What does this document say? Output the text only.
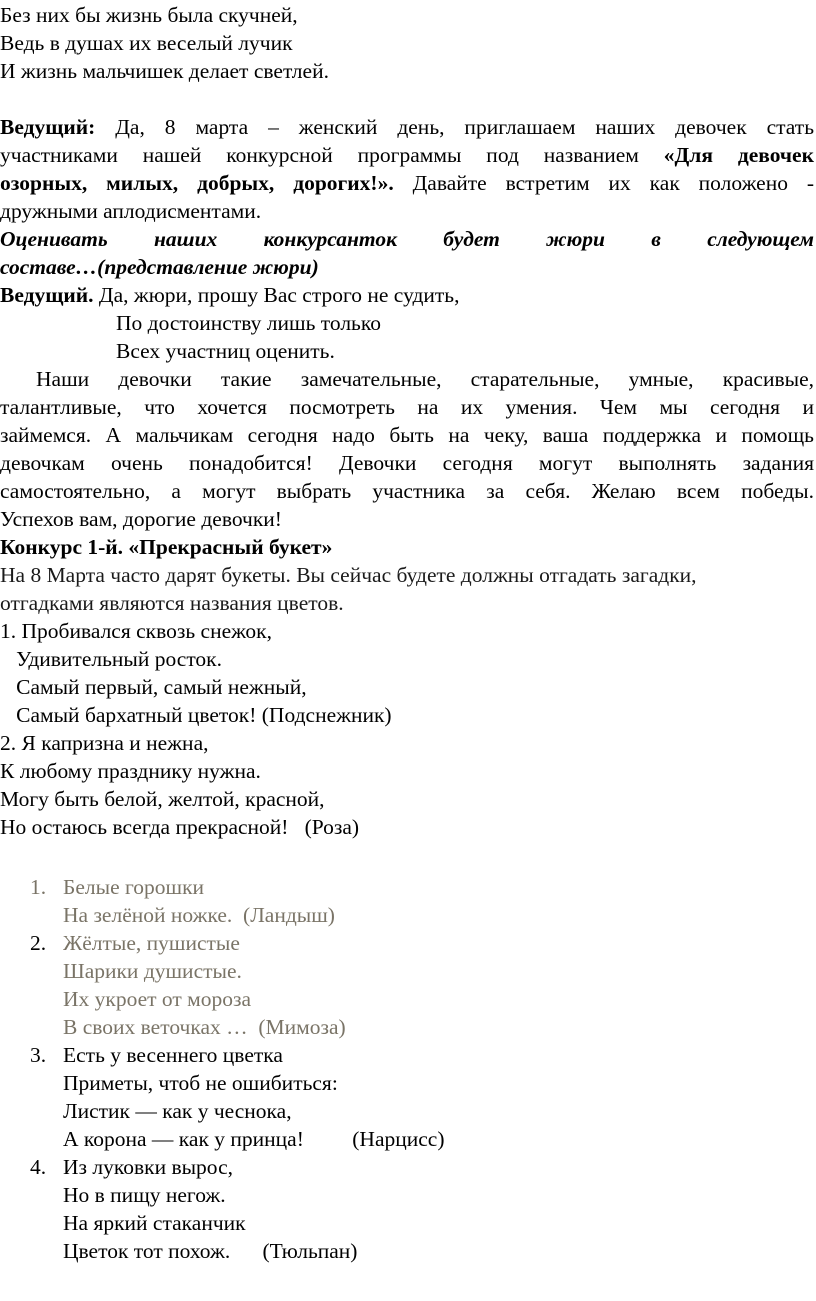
Без них бы жизнь была скучней,
Ведь в душах их веселый лучик
И жизнь мальчишек делает светлей.
Ведущий: Да, 8 марта – женский день, приглашаем наших девочек стать
участниками нашей конкурсной программы под названием «Для девочек
озорных, милых, добрых, дорогих!». Давайте встретим их как положено -
дружными аплодисментами.
Оценивать наших конкурсанток будет жюри в следующем
составе…(представление жюри)
Ведущий. Да, жюри, прошу Вас строго не судить,
По достоинству лишь только
Всех участниц оценить.
Наши девочки такие замечательные, старательные, умные, красивые,
талантливые, что хочется посмотреть на их умения. Чем мы сегодня и
займемся. А мальчикам сегодня надо быть на чеку, ваша поддержка и помощь
девочкам очень понадобится! Девочки сегодня могут выполнять задания
самостоятельно, а могут выбрать участника за себя. Желаю всем победы.
Успехов вам, дорогие девочки!
Конкурс 1-й. «Прекрасный букет»
На 8 Марта часто дарят букеты. Вы сейчас будете должны отгадать загадки,
отгадками являются названия цветов.
1. Пробивался сквозь снежок,
Удивительный росток.
Самый первый, самый нежный,
Самый бархатный цветок! (Подснежник)
2. Я капризна и нежна,
К любому празднику нужна.
Могу быть белой, желтой, красной,
Но остаюсь всегда прекрасной!   (Роза)
1. Белые горошки
На зелёной ножке.  (Ландыш)
2. Жёлтые, пушистые
Шарики душистые.
Их укроет от мороза
В своих веточках …  (Мимоза)
3. Есть у весеннего цветка
Приметы, чтоб не ошибиться:
Листик — как у чеснока,
А корона — как у принца!         (Нарцисс)
4. Из луковки вырос,
Но в пищу негож.
На яркий стаканчик
Цветок тот похож.      (Тюльпан)
